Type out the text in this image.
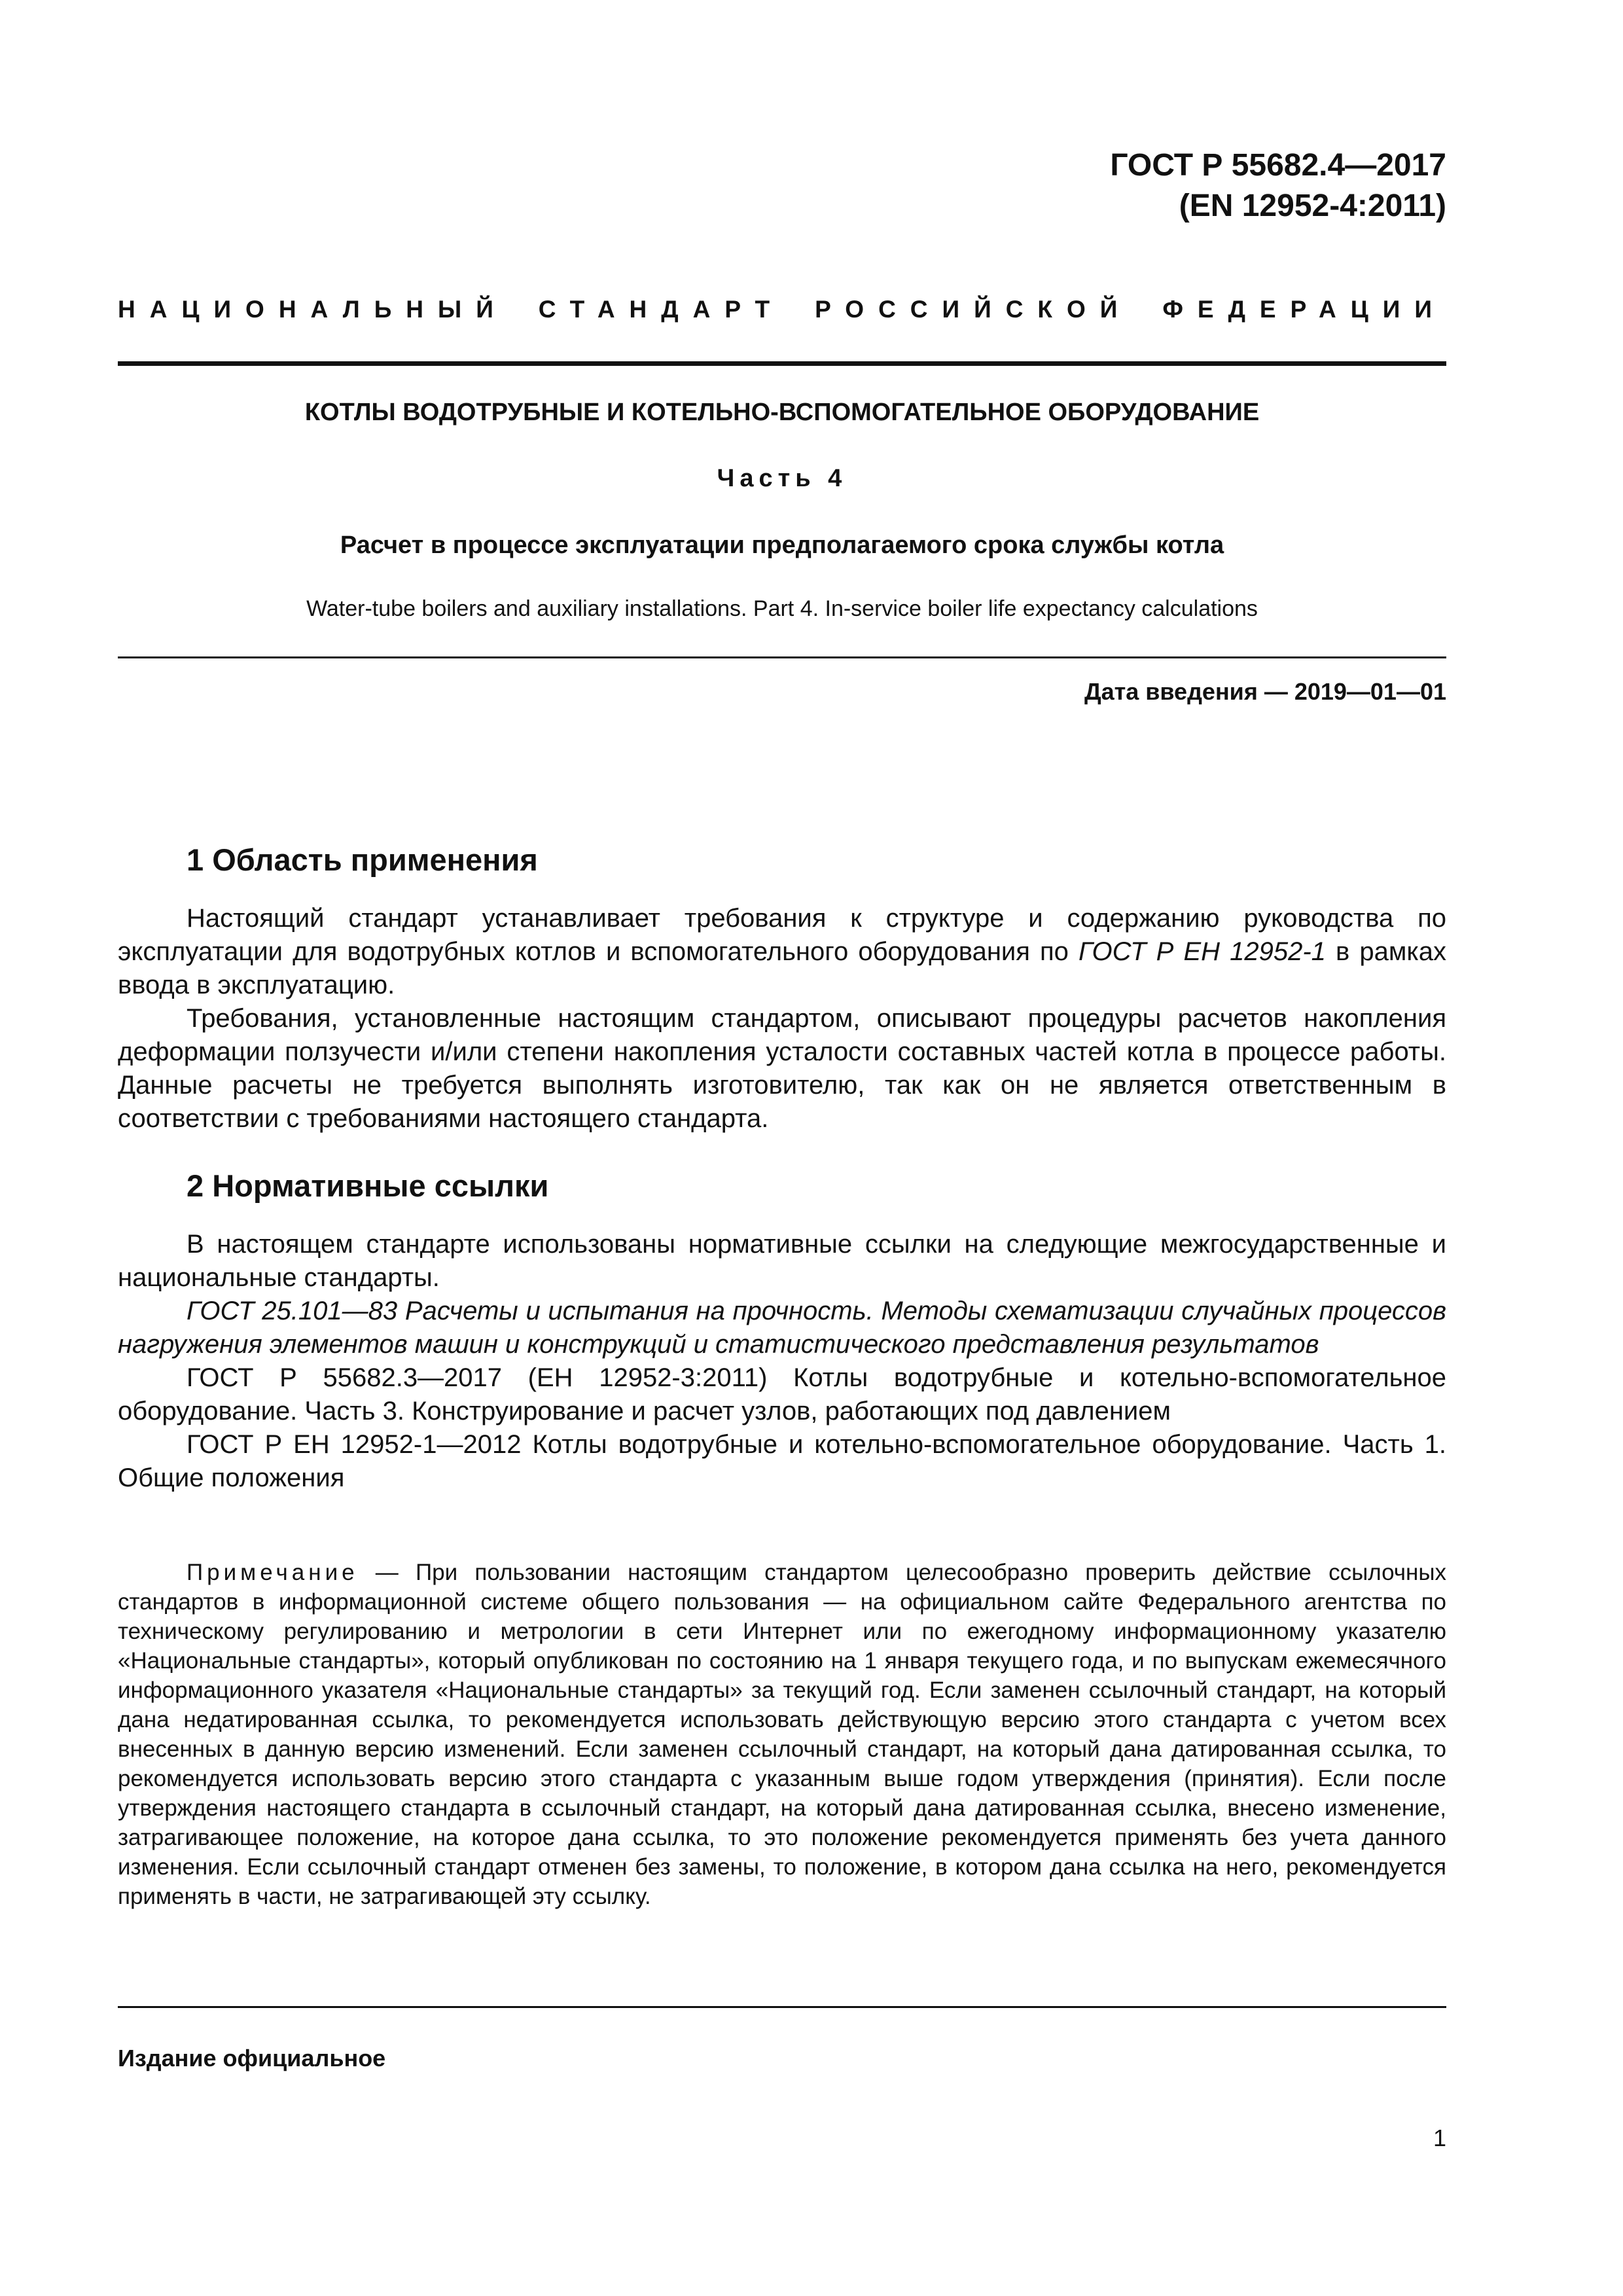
ГОСТ Р 55682.4—2017
(EN 12952-4:2011)
НАЦИОНАЛЬНЫЙ СТАНДАРТ РОССИЙСКОЙ ФЕДЕРАЦИИ
КОТЛЫ ВОДОТРУБНЫЕ И КОТЕЛЬНО-ВСПОМОГАТЕЛЬНОЕ ОБОРУДОВАНИЕ
Часть 4
Расчет в процессе эксплуатации предполагаемого срока службы котла
Water-tube boilers and auxiliary installations. Part 4. In-service boiler life expectancy calculations
Дата введения — 2019—01—01
1 Область применения

Настоящий стандарт устанавливает требования к структуре и содержанию руководства по эксплуатации для водотрубных котлов и вспомогательного оборудования по ГОСТ Р ЕН 12952-1 в рамках ввода в эксплуатацию.

Требования, установленные настоящим стандартом, описывают процедуры расчетов накопления деформации ползучести и/или степени накопления усталости составных частей котла в процессе работы. Данные расчеты не требуется выполнять изготовителю, так как он не является ответственным в соответствии с требованиями настоящего стандарта.

2 Нормативные ссылки

В настоящем стандарте использованы нормативные ссылки на следующие межгосударственные и национальные стандарты.

ГОСТ 25.101—83 Расчеты и испытания на прочность. Методы схематизации случайных процессов нагружения элементов машин и конструкций и статистического представления результатов

ГОСТ Р 55682.3—2017 (ЕН 12952-3:2011) Котлы водотрубные и котельно-вспомогательное оборудование. Часть 3. Конструирование и расчет узлов, работающих под давлением

ГОСТ Р ЕН 12952-1—2012 Котлы водотрубные и котельно-вспомогательное оборудование. Часть 1. Общие положения

Примечание — При пользовании настоящим стандартом целесообразно проверить действие ссылочных стандартов в информационной системе общего пользования — на официальном сайте Федерального агентства по техническому регулированию и метрологии в сети Интернет или по ежегодному информационному указателю «Национальные стандарты», который опубликован по состоянию на 1 января текущего года, и по выпускам ежемесячного информационного указателя «Национальные стандарты» за текущий год. Если заменен ссылочный стандарт, на который дана недатированная ссылка, то рекомендуется использовать действующую версию этого стандарта с учетом всех внесенных в данную версию изменений. Если заменен ссылочный стандарт, на который дана датированная ссылка, то рекомендуется использовать версию этого стандарта с указанным выше годом утверждения (принятия). Если после утверждения настоящего стандарта в ссылочный стандарт, на который дана датированная ссылка, внесено изменение, затрагивающее положение, на которое дана ссылка, то это положение рекомендуется применять без учета данного изменения. Если ссылочный стандарт отменен без замены, то положение, в котором дана ссылка на него, рекомендуется применять в части, не затрагивающей эту ссылку.

Издание официальное
1
